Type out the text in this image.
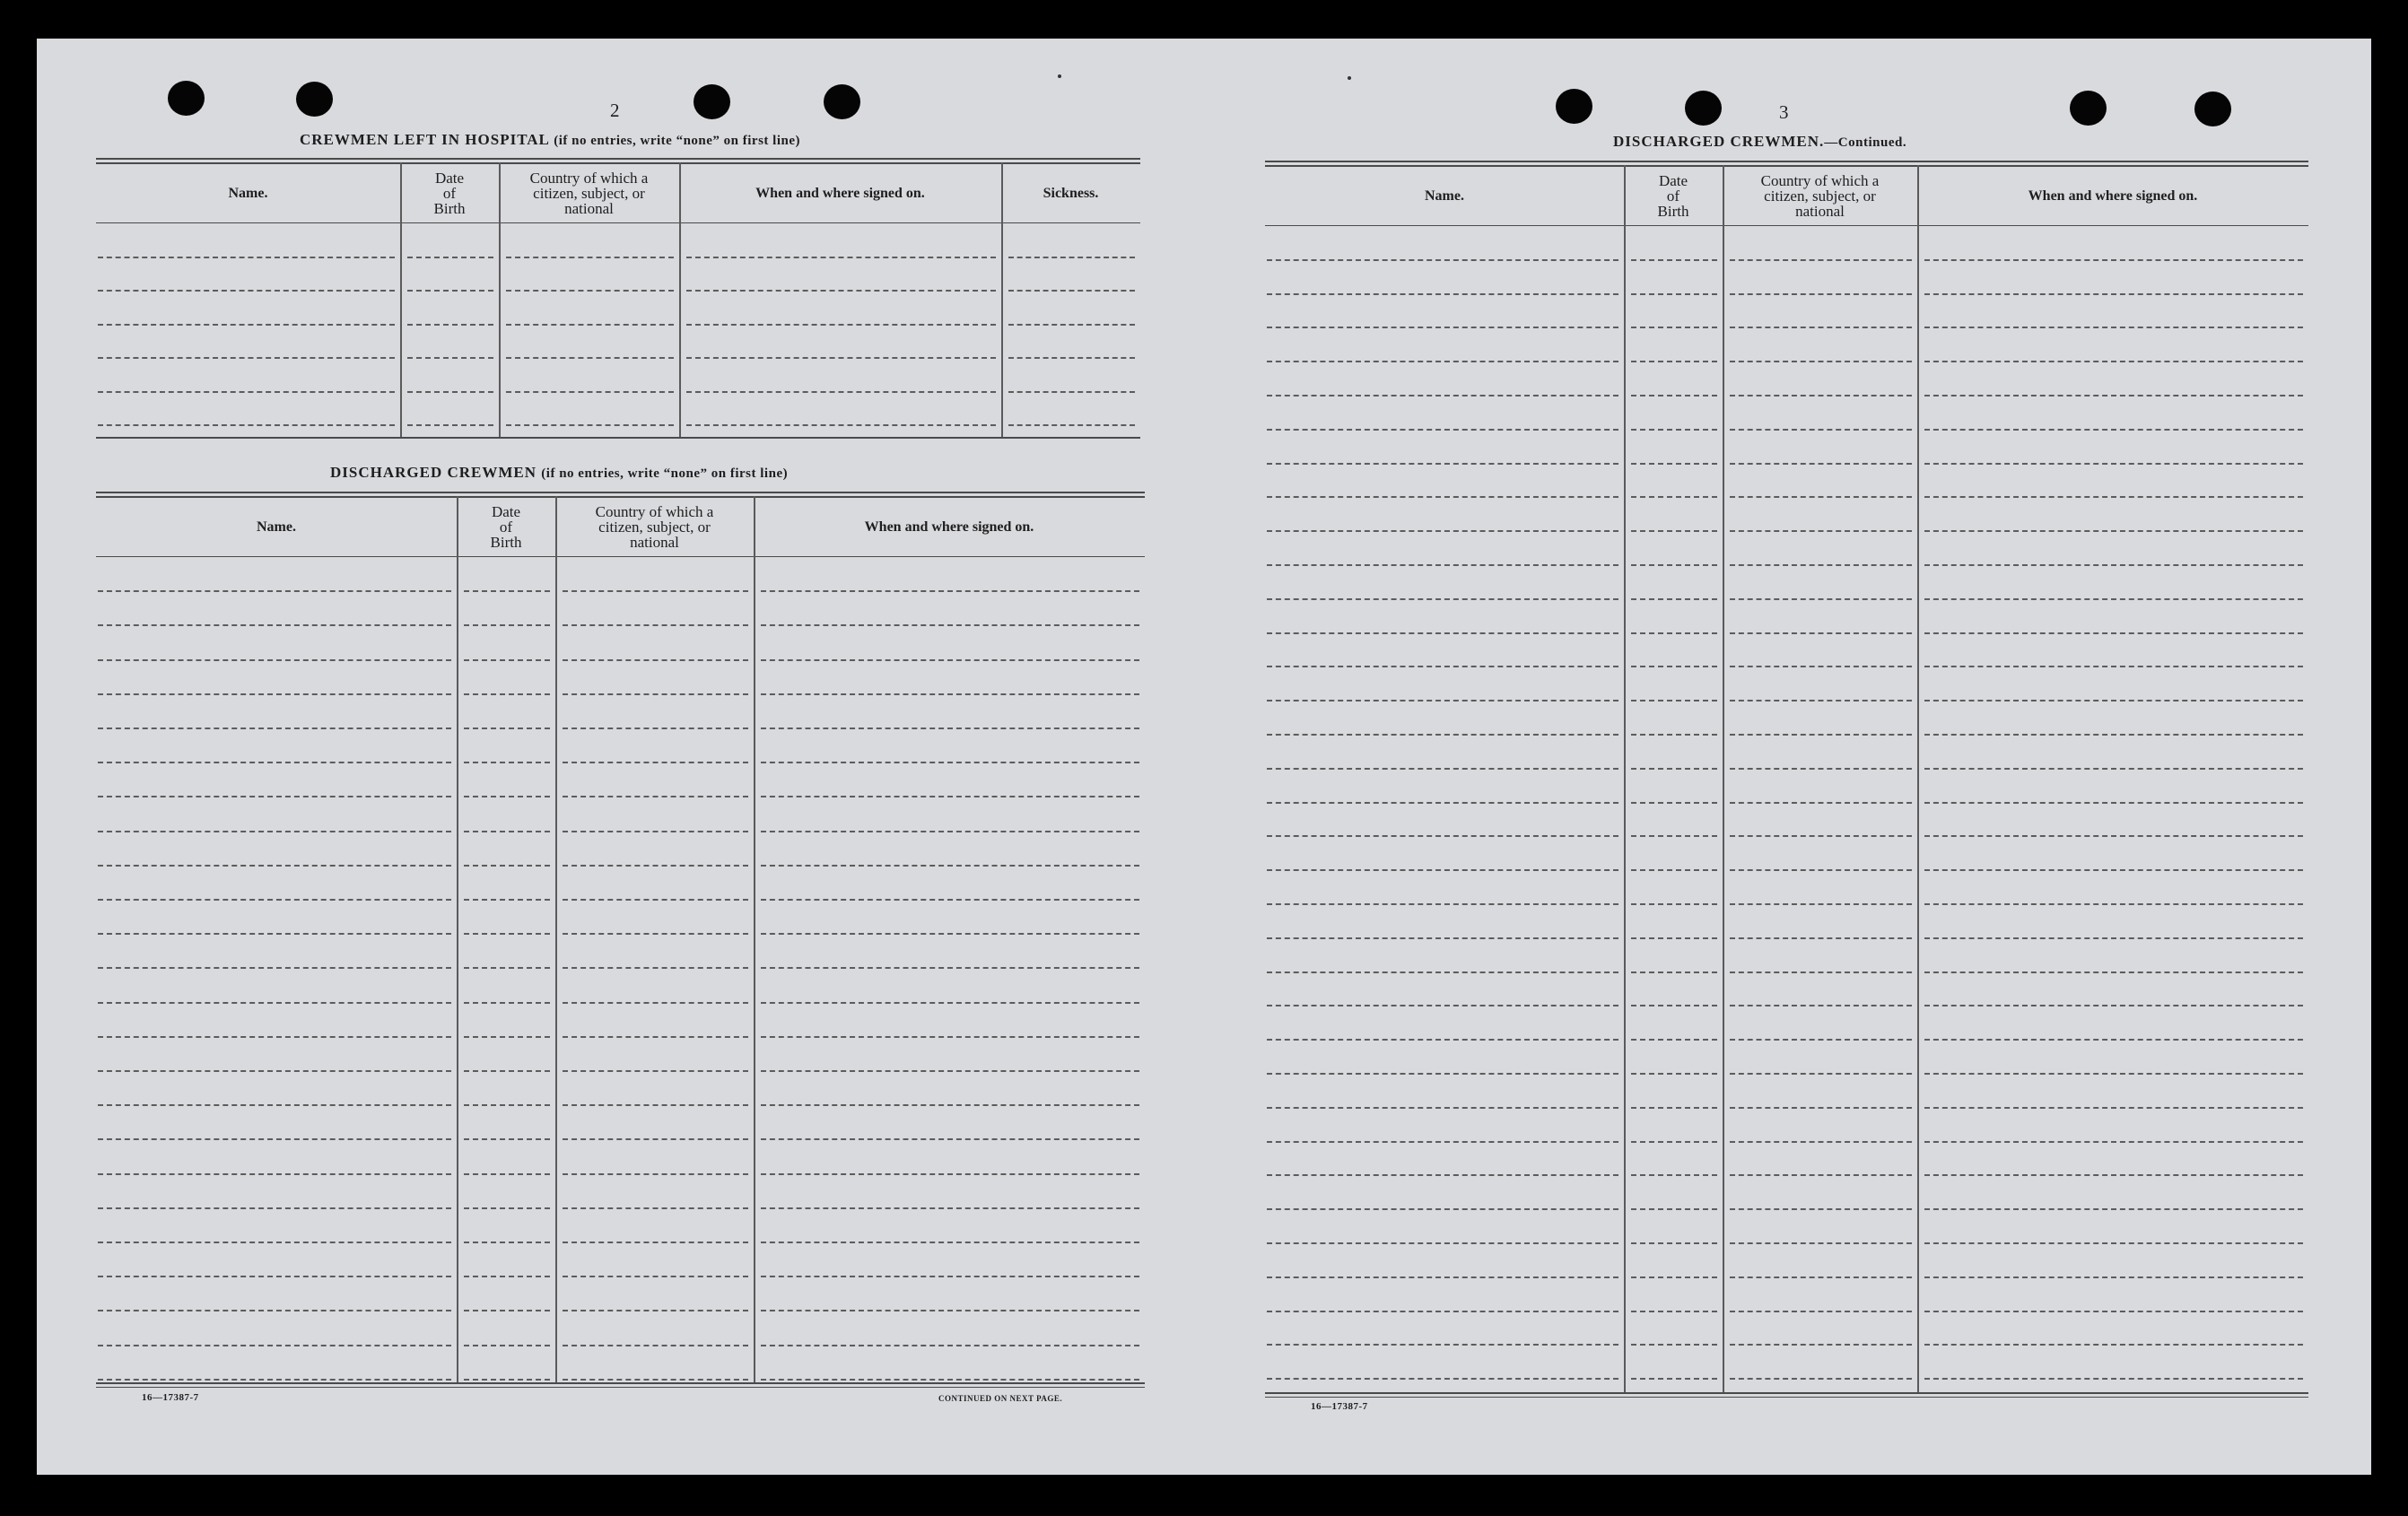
2
CREWMEN LEFT IN HOSPITAL (if no entries, write “none” on first line)
DISCHARGED CREWMEN (if no entries, write “none” on first line)
16—17387-7	CONTINUED ON NEXT PAGE.
3
DISCHARGED CREWMEN.—Continued.
16—17387-7
Name.
Date
of
Birth
Country of which a
citizen, subject, or
national
When and where signed on.	Sickness.
Name.
Date
of
Birth
Country of which a
citizen, subject, or
national
When and where signed on.
Name.
Date
of
Birth
Country of which a
citizen, subject, or
national
When and where signed on.
